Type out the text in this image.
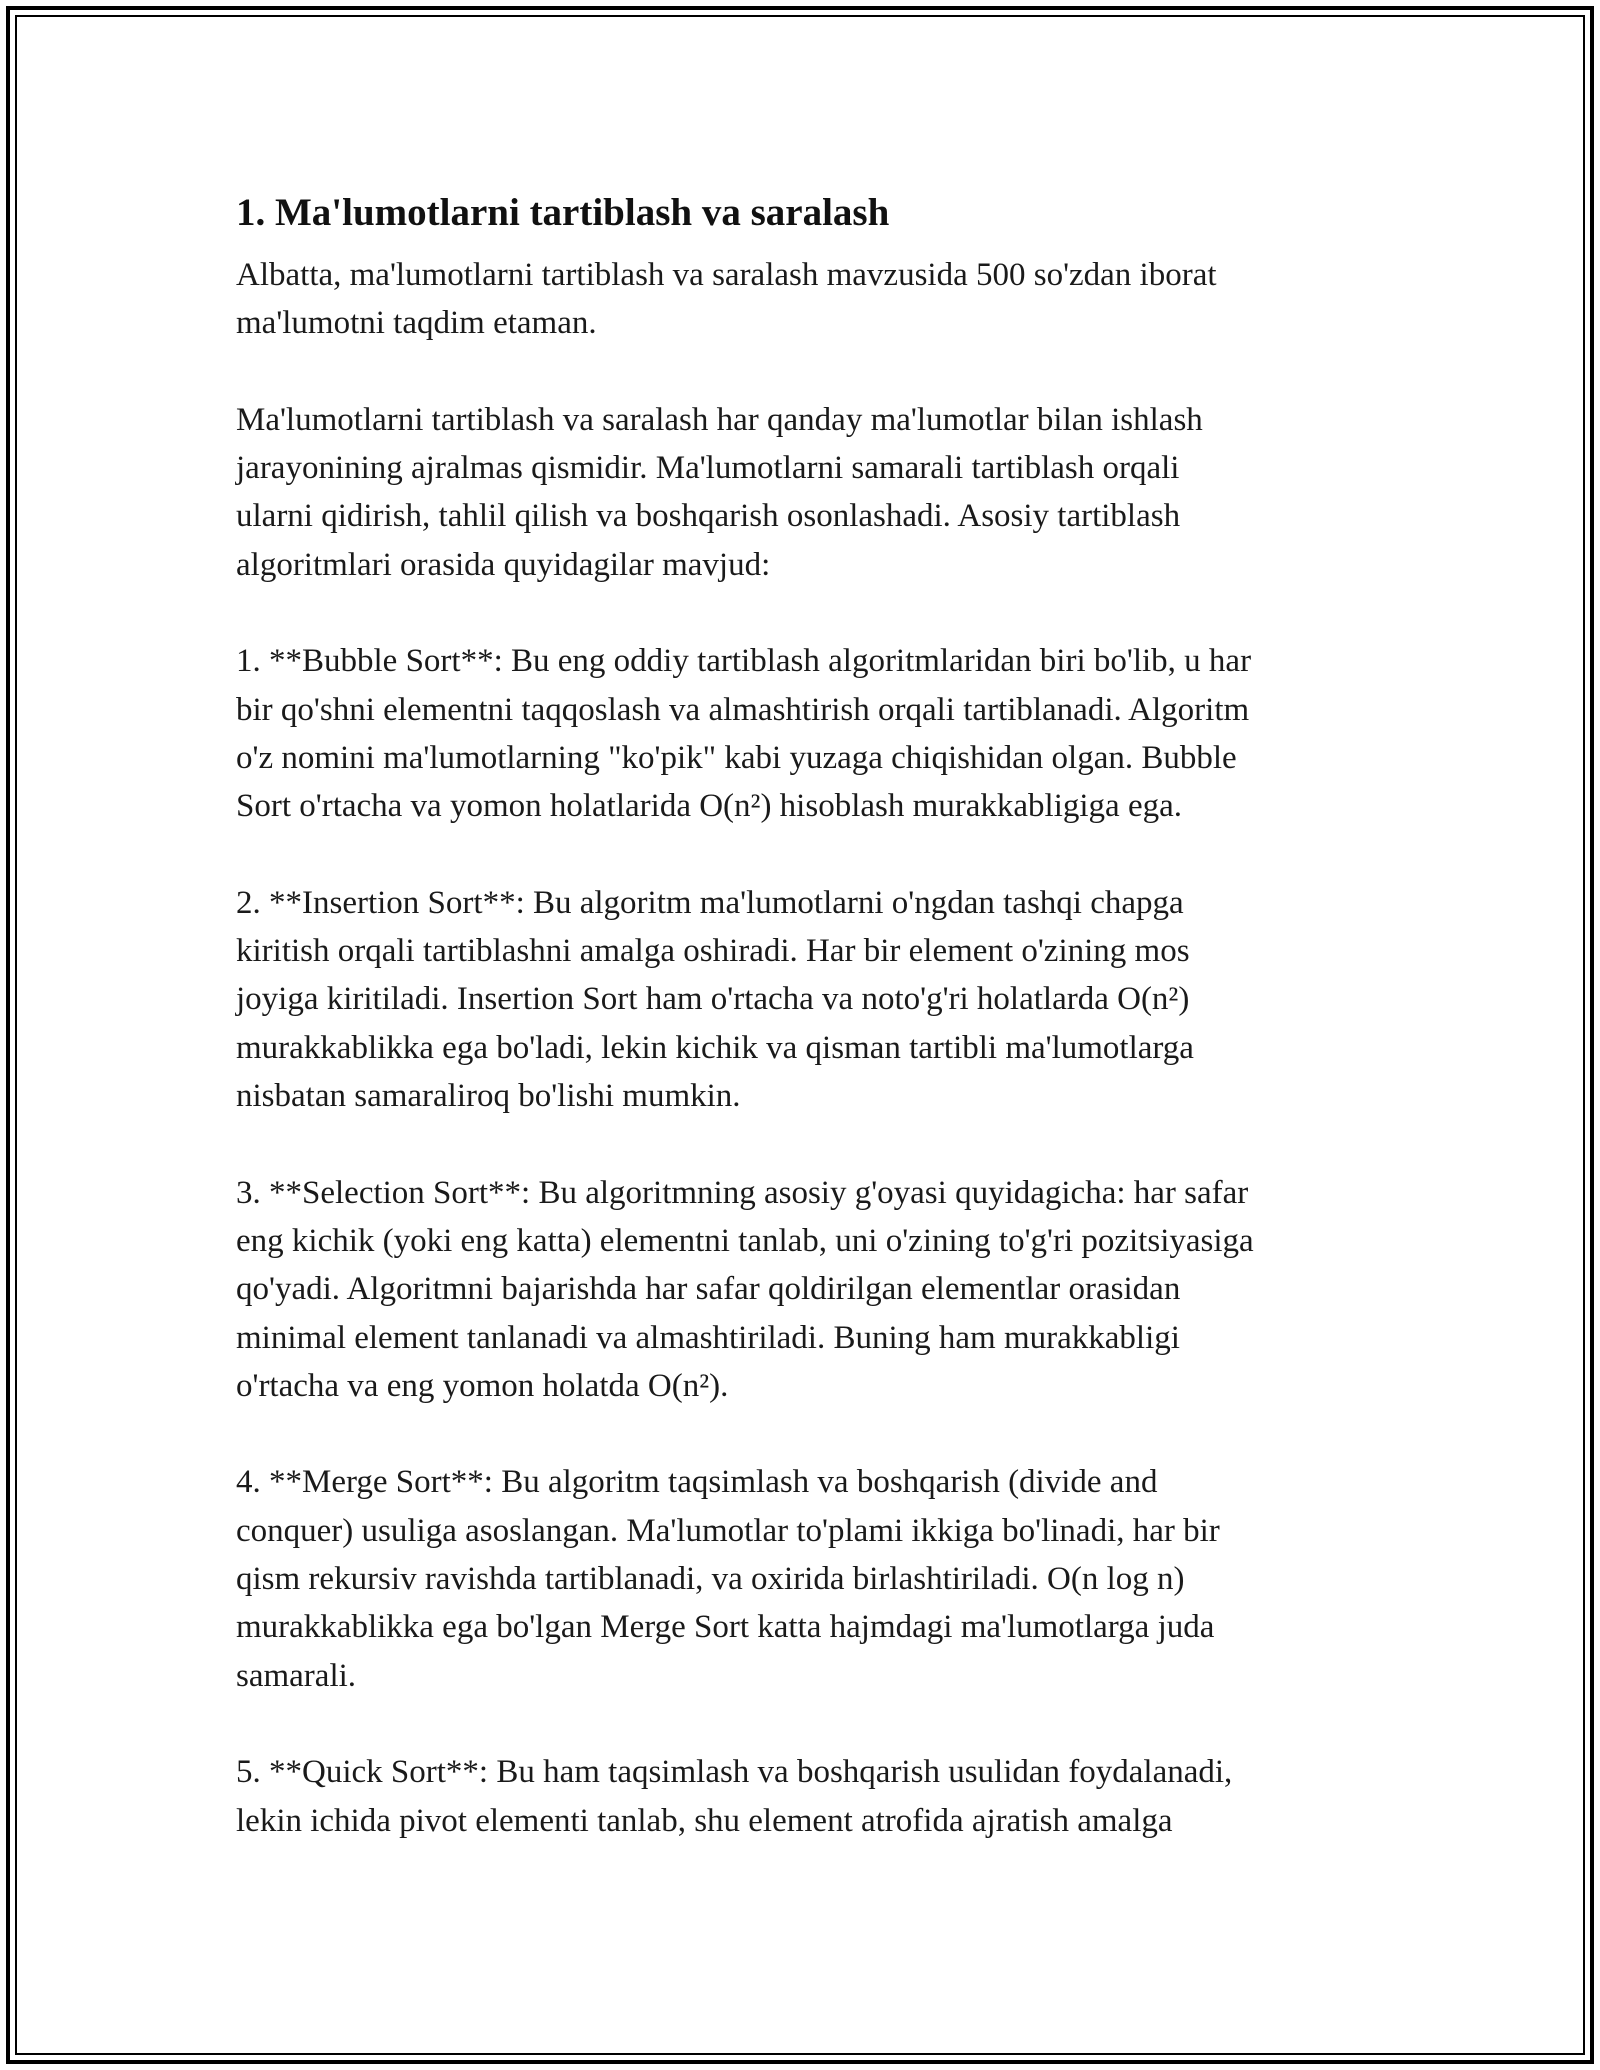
1. Ma'lumotlarni tartiblash va saralash

Albatta, ma'lumotlarni tartiblash va saralash mavzusida 500 so'zdan iborat
ma'lumotni taqdim etaman.

Ma'lumotlarni tartiblash va saralash har qanday ma'lumotlar bilan ishlash
jarayonining ajralmas qismidir. Ma'lumotlarni samarali tartiblash orqali
ularni qidirish, tahlil qilish va boshqarish osonlashadi. Asosiy tartiblash
algoritmlari orasida quyidagilar mavjud:

1. **Bubble Sort**: Bu eng oddiy tartiblash algoritmlaridan biri bo'lib, u har
bir qo'shni elementni taqqoslash va almashtirish orqali tartiblanadi. Algoritm
o'z nomini ma'lumotlarning "ko'pik" kabi yuzaga chiqishidan olgan. Bubble
Sort o'rtacha va yomon holatlarida O(n²) hisoblash murakkabligiga ega.

2. **Insertion Sort**: Bu algoritm ma'lumotlarni o'ngdan tashqi chapga
kiritish orqali tartiblashni amalga oshiradi. Har bir element o'zining mos
joyiga kiritiladi. Insertion Sort ham o'rtacha va noto'g'ri holatlarda O(n²)
murakkablikka ega bo'ladi, lekin kichik va qisman tartibli ma'lumotlarga
nisbatan samaraliroq bo'lishi mumkin.

3. **Selection Sort**: Bu algoritmning asosiy g'oyasi quyidagicha: har safar
eng kichik (yoki eng katta) elementni tanlab, uni o'zining to'g'ri pozitsiyasiga
qo'yadi. Algoritmni bajarishda har safar qoldirilgan elementlar orasidan
minimal element tanlanadi va almashtiriladi. Buning ham murakkabligi
o'rtacha va eng yomon holatda O(n²).

4. **Merge Sort**: Bu algoritm taqsimlash va boshqarish (divide and
conquer) usuliga asoslangan. Ma'lumotlar to'plami ikkiga bo'linadi, har bir
qism rekursiv ravishda tartiblanadi, va oxirida birlashtiriladi. O(n log n)
murakkablikka ega bo'lgan Merge Sort katta hajmdagi ma'lumotlarga juda
samarali.

5. **Quick Sort**: Bu ham taqsimlash va boshqarish usulidan foydalanadi,
lekin ichida pivot elementi tanlab, shu element atrofida ajratish amalga
